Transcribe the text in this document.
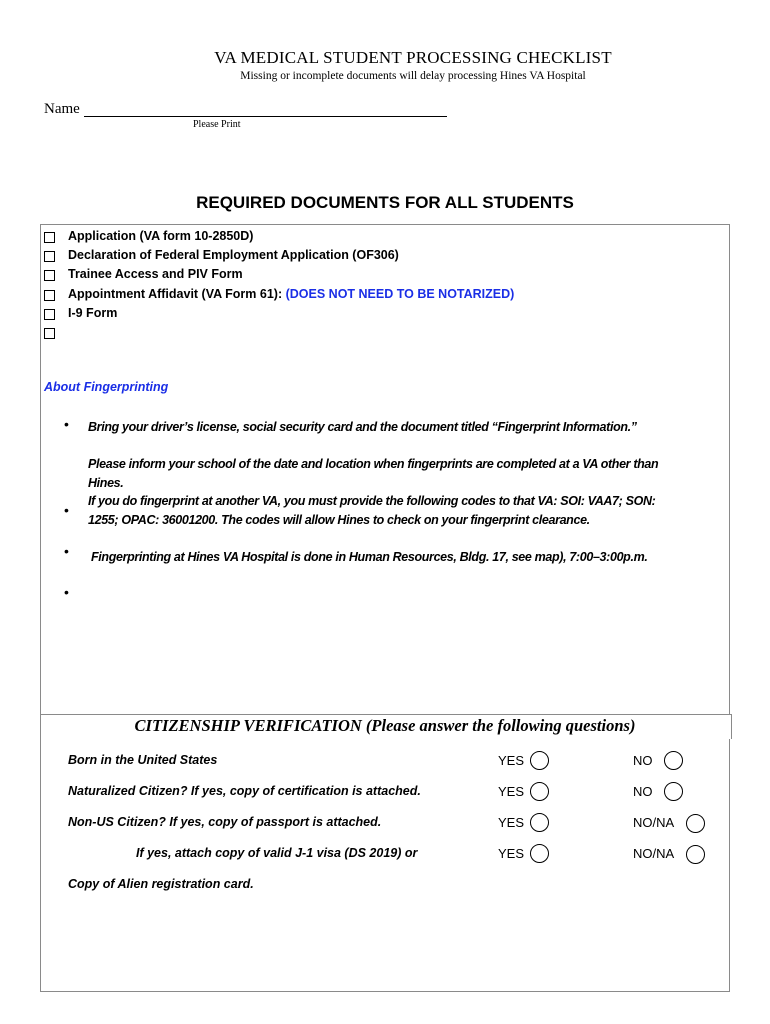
VA MEDICAL STUDENT PROCESSING CHECKLIST
Missing or incomplete documents will delay processing Hines VA Hospital
Name
Please Print
REQUIRED DOCUMENTS FOR ALL STUDENTS
Application (VA form 10-2850D)
Declaration of Federal Employment Application (OF306)
Trainee Access and PIV Form
Appointment Affidavit (VA Form 61): (DOES NOT NEED TO BE NOTARIZED)
I-9 Form
About Fingerprinting
• Bring your driver’s license, social security card and the document titled “Fingerprint Information.”
Please inform your school of the date and location when fingerprints are completed at a VA other than
Hines.
•
If you do fingerprint at another VA, you must provide the following codes to that VA: SOI: VAA7; SON:
1255; OPAC: 36001200. The codes will allow Hines to check on your fingerprint clearance.
• Fingerprinting at Hines VA Hospital is done in Human Resources, Bldg. 17, see map), 7:00–3:00p.m.
•
CITIZENSHIP VERIFICATION (Please answer the following questions)
Born in the United States	YES	NO
Naturalized Citizen? If yes, copy of certification is attached.	YES	NO
Non-US Citizen? If yes, copy of passport is attached.	YES	NO/NA
If yes, attach copy of valid J-1 visa (DS 2019) or	YES	NO/NA
Copy of Alien registration card.
